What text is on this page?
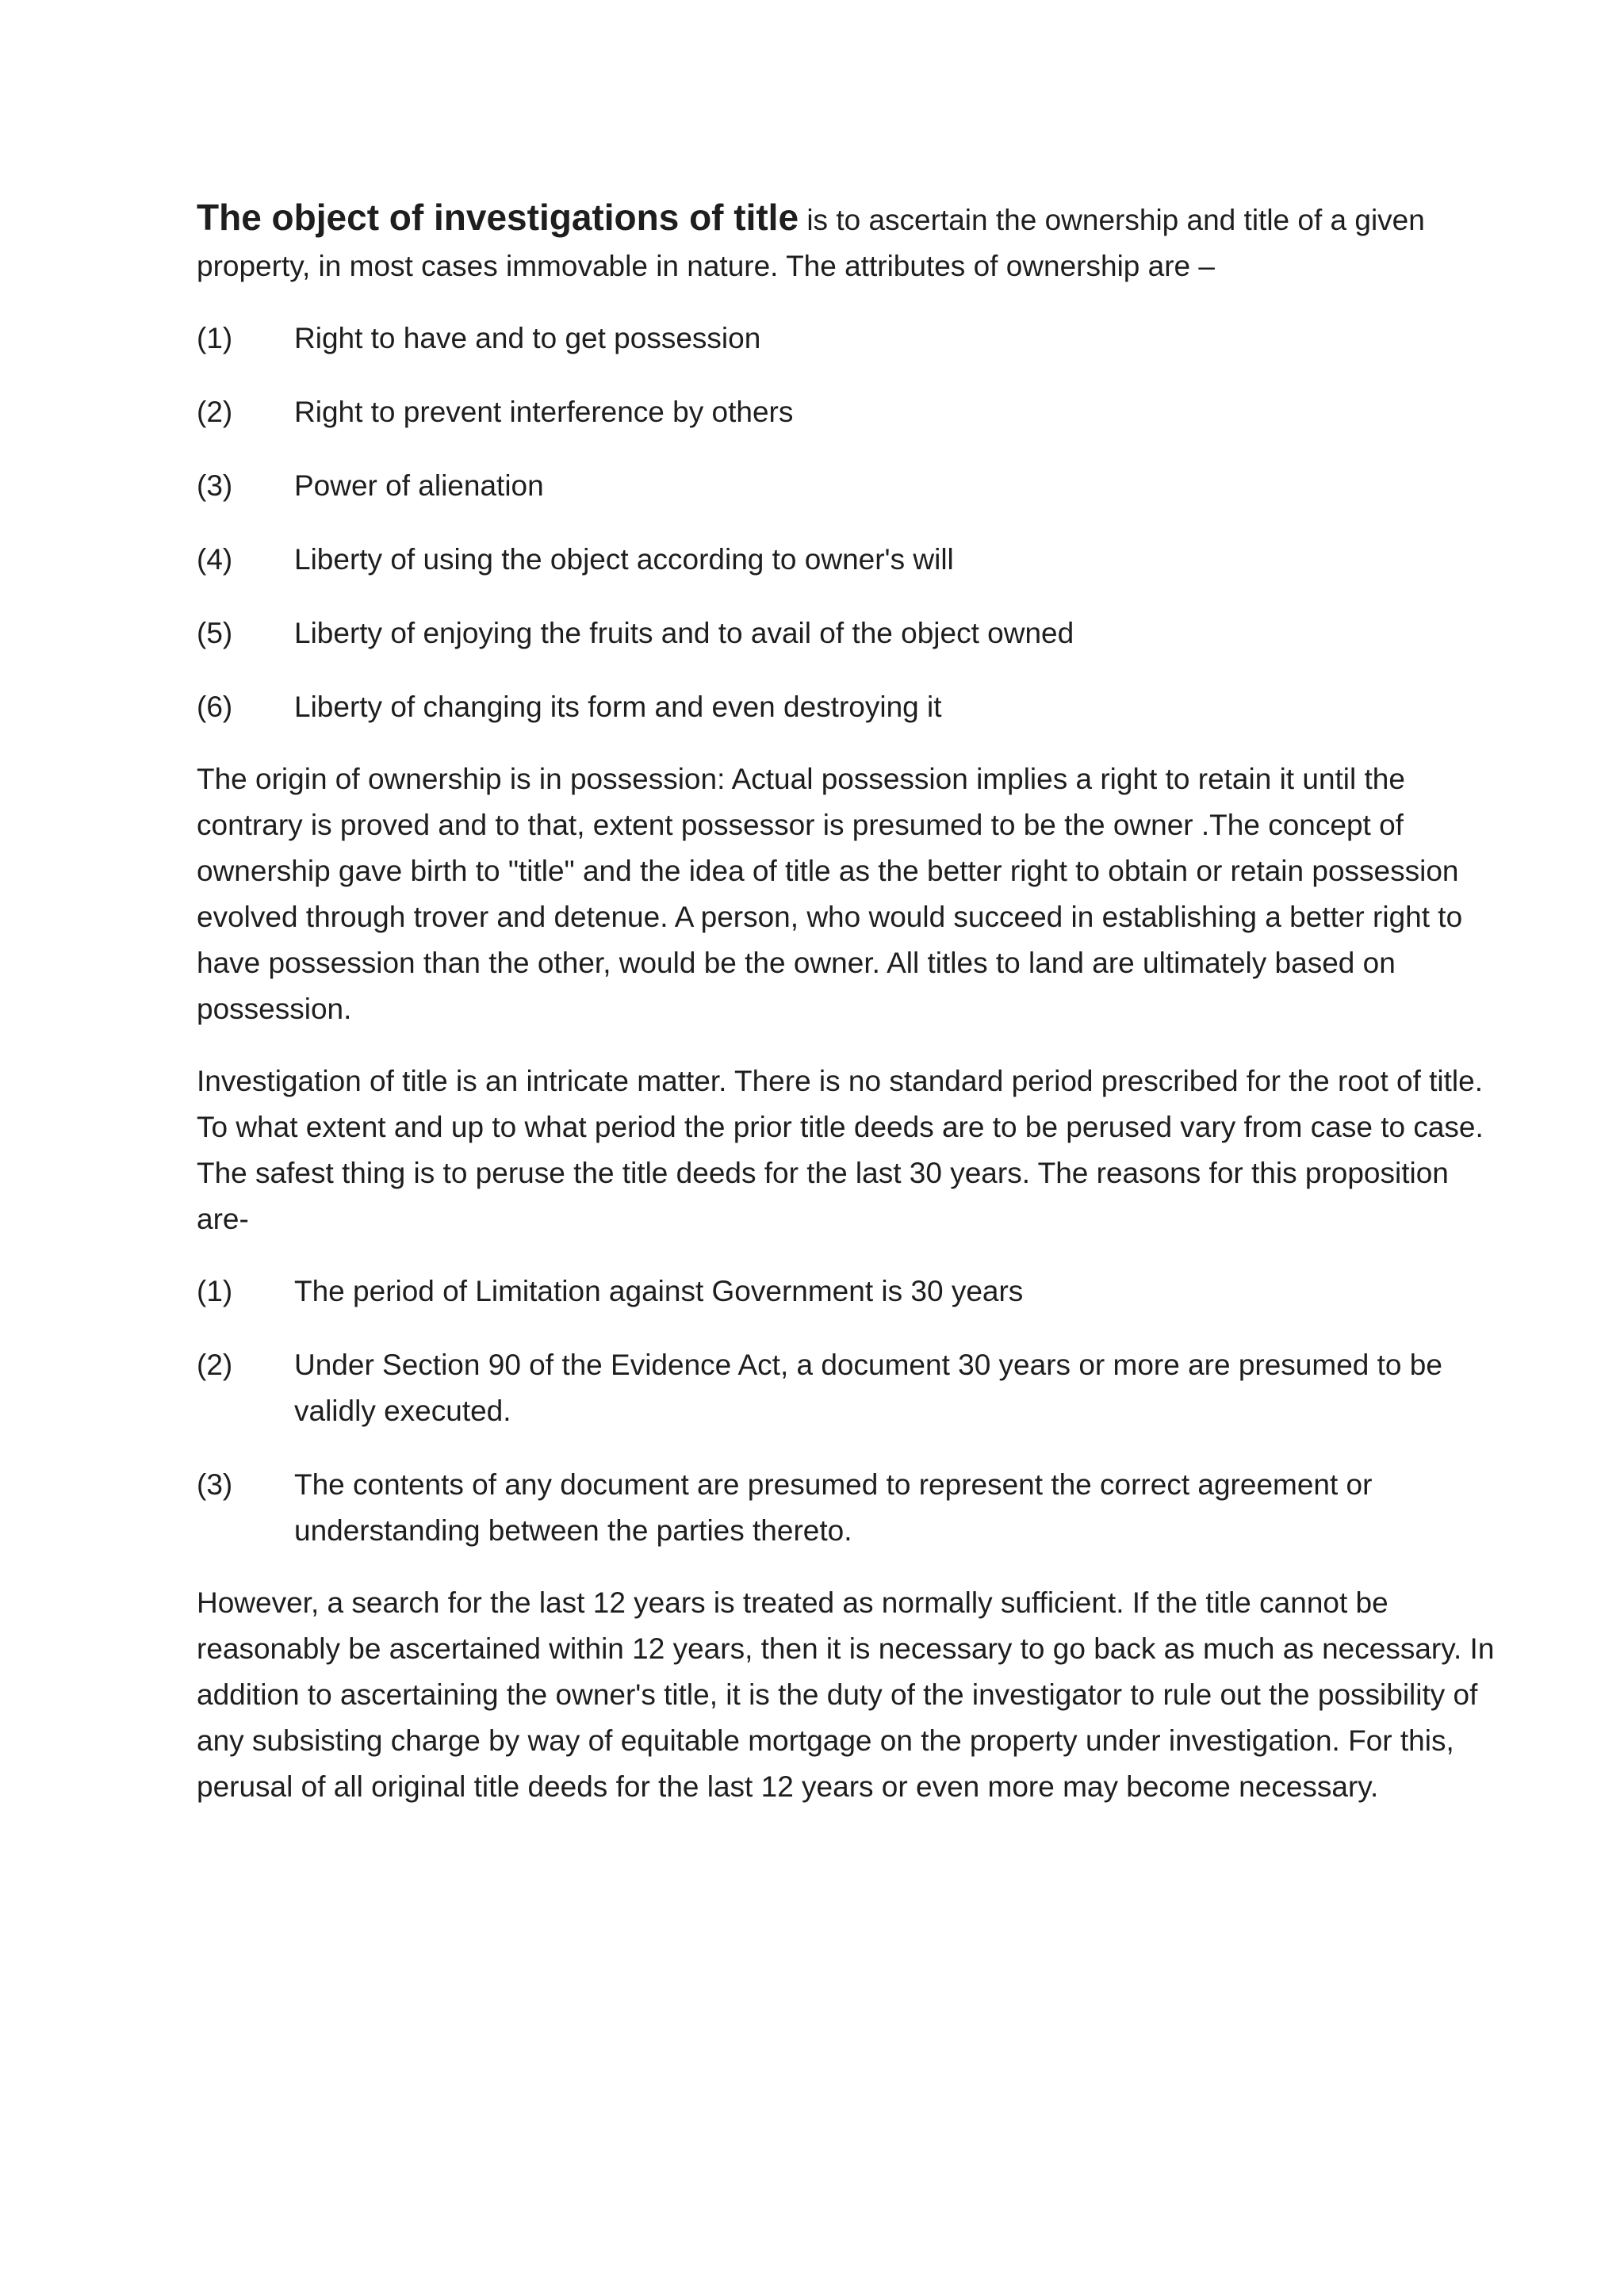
The object of investigations of title is to ascertain the ownership and title of a given property, in most cases immovable in nature. The attributes of ownership are –

(1)	Right to have and to get possession
(2)	Right to prevent interference by others
(3)	Power of alienation
(4)	Liberty of using the object according to owner's will
(5)	Liberty of enjoying the fruits and to avail of the object owned
(6)	Liberty of changing its form and even destroying it

The origin of ownership is in possession: Actual possession implies a right to retain it until the contrary is proved and to that, extent possessor is presumed to be the owner .The concept of ownership gave birth to "title" and the idea of title as the better right to obtain or retain possession evolved through trover and detenue. A person, who would succeed in establishing a better right to have possession than the other, would be the owner. All titles to land are ultimately based on possession.

Investigation of title is an intricate matter. There is no standard period prescribed for the root of title. To what extent and up to what period the prior title deeds are to be perused vary from case to case. The safest thing is to peruse the title deeds for the last 30 years. The reasons for this proposition are-

(1)	The period of Limitation against Government is 30 years
(2)	Under Section 90 of the Evidence Act, a document 30 years or more are presumed to be validly executed.
(3)	The contents of any document are presumed to represent the correct agreement or understanding between the parties thereto.

However, a search for the last 12 years is treated as normally sufficient. If the title cannot be reasonably be ascertained within 12 years, then it is necessary to go back as much as necessary. In addition to ascertaining the owner's title, it is the duty of the investigator to rule out the possibility of any subsisting charge by way of equitable mortgage on the property under investigation. For this, perusal of all original title deeds for the last 12 years or even more may become necessary.
